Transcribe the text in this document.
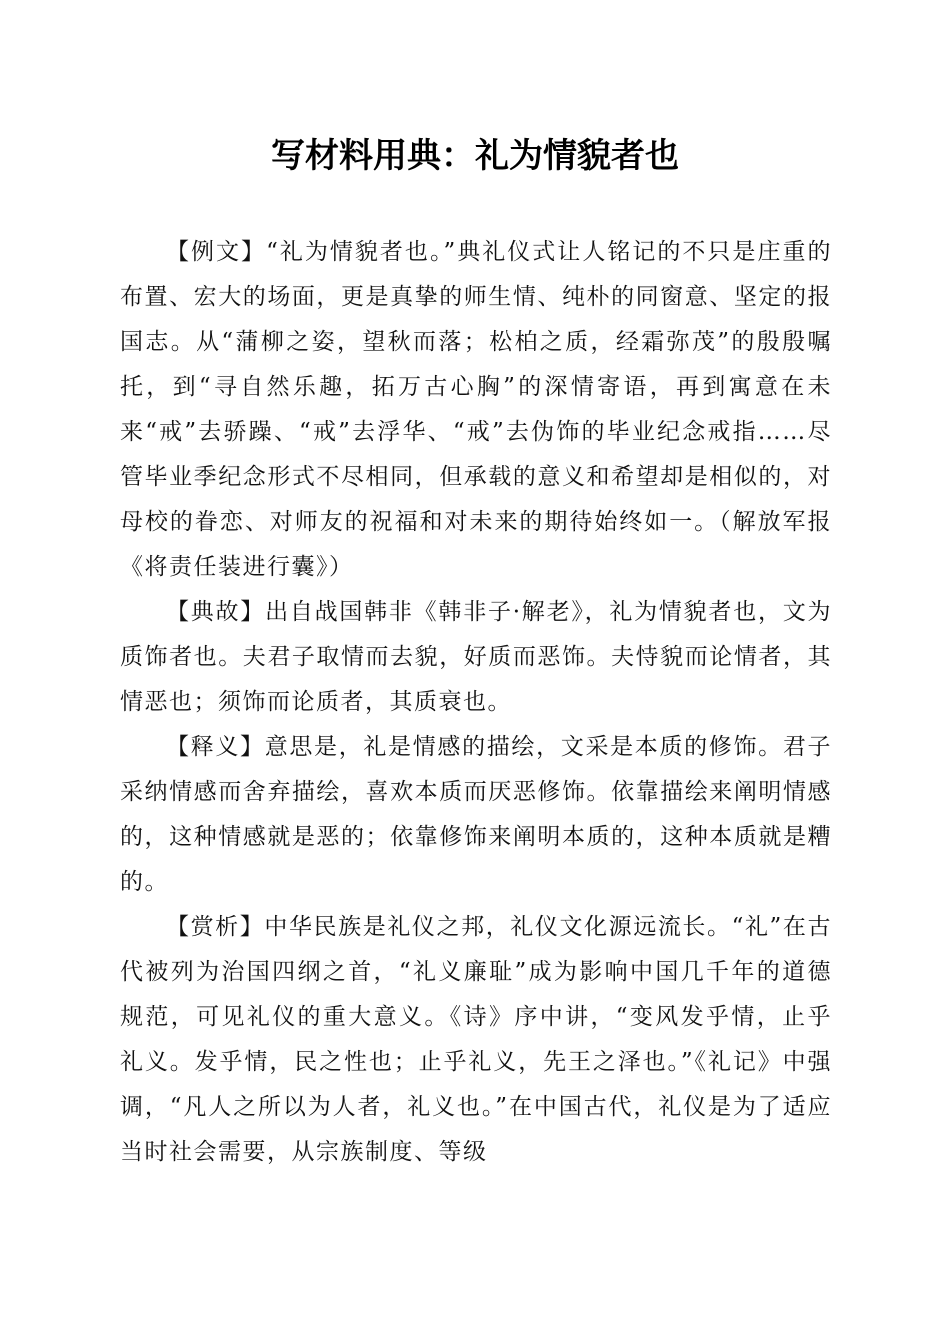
写材料用典：礼为情貌者也

【例文】“礼为情貌者也。”典礼仪式让人铭记的不只是庄重的布置、宏大的场面，更是真挚的师生情、纯朴的同窗意、坚定的报国志。从“蒲柳之姿，望秋而落；松柏之质，经霜弥茂”的殷殷嘱托，到“寻自然乐趣，拓万古心胸”的深情寄语，再到寓意在未来“戒”去骄躁、“戒”去浮华、“戒”去伪饰的毕业纪念戒指……尽管毕业季纪念形式不尽相同，但承载的意义和希望却是相似的，对母校的眷恋、对师友的祝福和对未来的期待始终如一。（解放军报《将责任装进行囊》）

【典故】出自战国韩非《韩非子·解老》，礼为情貌者也，文为质饰者也。夫君子取情而去貌，好质而恶饰。夫恃貌而论情者，其情恶也；须饰而论质者，其质衰也。

【释义】意思是，礼是情感的描绘，文采是本质的修饰。君子采纳情感而舍弃描绘，喜欢本质而厌恶修饰。依靠描绘来阐明情感的，这种情感就是恶的；依靠修饰来阐明本质的，这种本质就是糟的。

【赏析】中华民族是礼仪之邦，礼仪文化源远流长。“礼”在古代被列为治国四纲之首，“礼义廉耻”成为影响中国几千年的道德规范，可见礼仪的重大意义。《诗》序中讲，“变风发乎情，止乎礼义。发乎情，民之性也；止乎礼义，先王之泽也。”《礼记》中强调，“凡人之所以为人者，礼义也。”在中国古代，礼仪是为了适应当时社会需要，从宗族制度、等级
